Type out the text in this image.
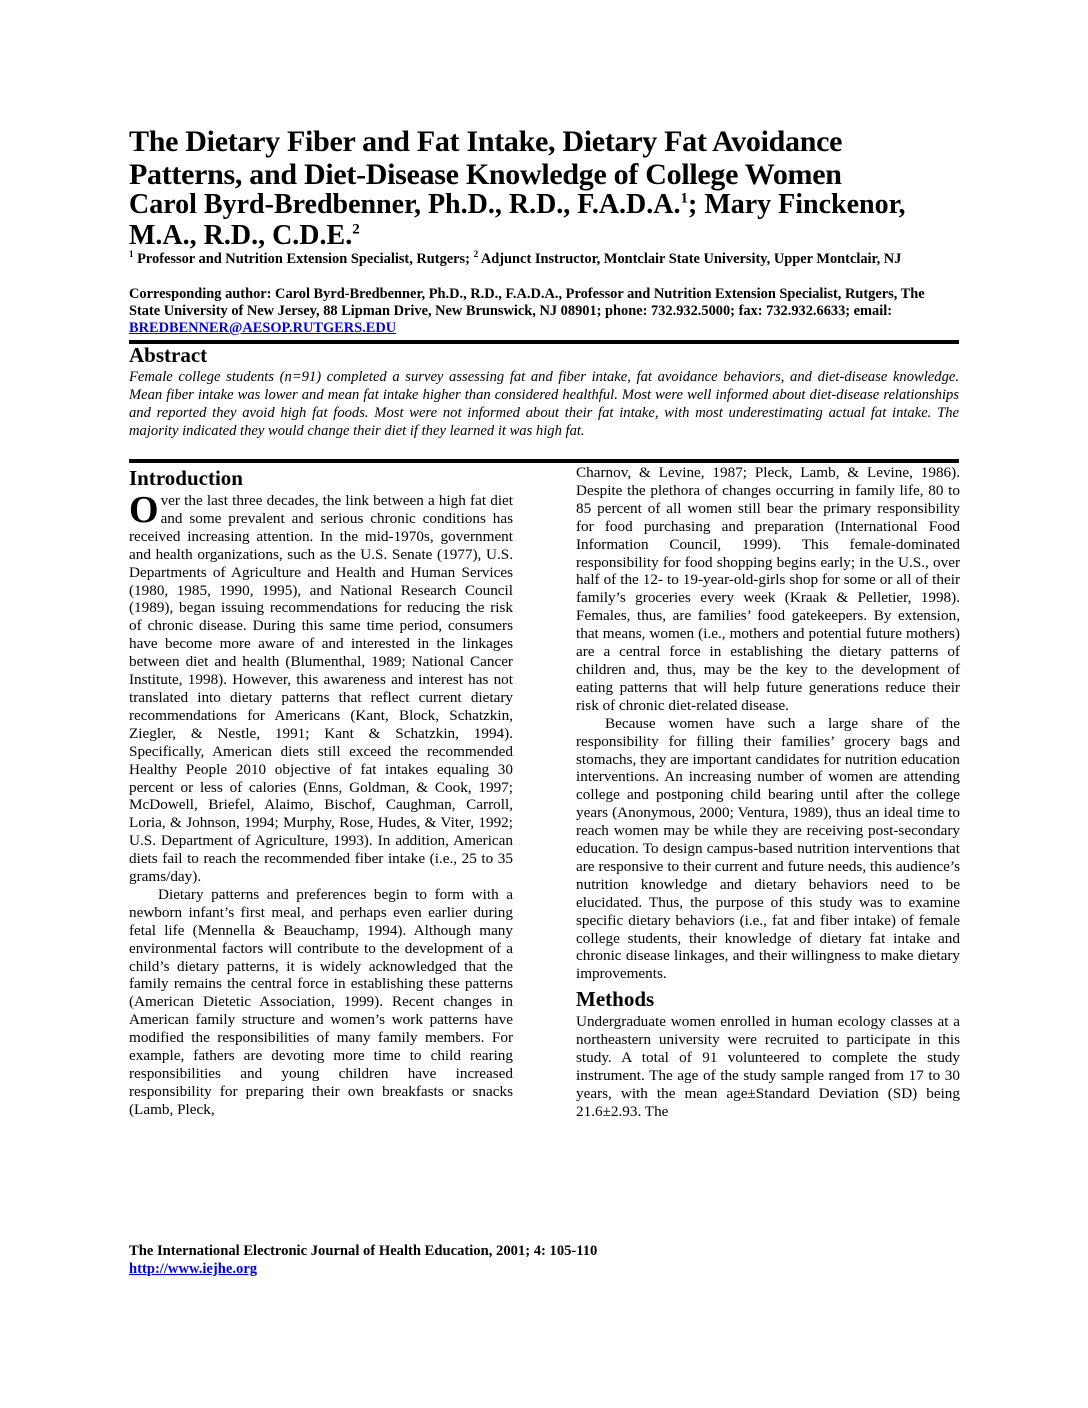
The Dietary Fiber and Fat Intake, Dietary Fat Avoidance Patterns, and Diet-Disease Knowledge of College Women
Carol Byrd-Bredbenner, Ph.D., R.D., F.A.D.A.$^1$; Mary Finckenor, M.A., R.D., C.D.E.$^2$
$^1$ Professor and Nutrition Extension Specialist, Rutgers; $^2$ Adjunct Instructor, Montclair State University, Upper Montclair, NJ
Corresponding author: Carol Byrd-Bredbenner, Ph.D., R.D., F.A.D.A., Professor and Nutrition Extension Specialist, Rutgers, The State University of New Jersey, 88 Lipman Drive, New Brunswick, NJ 08901; phone: 732.932.5000; fax: 732.932.6633; email: BREDBENNER@AESOP.RUTGERS.EDU
Abstract
Female college students (n=91) completed a survey assessing fat and fiber intake, fat avoidance behaviors, and diet-disease knowledge. Mean fiber intake was lower and mean fat intake higher than considered healthful. Most were well informed about diet-disease relationships and reported they avoid high fat foods. Most were not informed about their fat intake, with most underestimating actual fat intake. The majority indicated they would change their diet if they learned it was high fat.
Introduction

Over the last three decades, the link between a high fat diet and some prevalent and serious chronic conditions has received increasing attention. In the mid-1970s, government and health organizations, such as the U.S. Senate (1977), U.S. Departments of Agriculture and Health and Human Services (1980, 1985, 1990, 1995), and National Research Council (1989), began issuing recommendations for reducing the risk of chronic disease. During this same time period, consumers have become more aware of and interested in the linkages between diet and health (Blumenthal, 1989; National Cancer Institute, 1998). However, this awareness and interest has not translated into dietary patterns that reflect current dietary recommendations for Americans (Kant, Block, Schatzkin, Ziegler, & Nestle, 1991; Kant & Schatzkin, 1994). Specifically, American diets still exceed the recommended Healthy People 2010 objective of fat intakes equaling 30 percent or less of calories (Enns, Goldman, & Cook, 1997; McDowell, Briefel, Alaimo, Bischof, Caughman, Carroll, Loria, & Johnson, 1994; Murphy, Rose, Hudes, & Viter, 1992; U.S. Department of Agriculture, 1993). In addition, American diets fail to reach the recommended fiber intake (i.e., 25 to 35 grams/day).

Dietary patterns and preferences begin to form with a newborn infant’s first meal, and perhaps even earlier during fetal life (Mennella & Beauchamp, 1994). Although many environmental factors will contribute to the development of a child’s dietary patterns, it is widely acknowledged that the family remains the central force in establishing these patterns (American Dietetic Association, 1999). Recent changes in American family structure and women’s work patterns have modified the responsibilities of many family members. For example, fathers are devoting more time to child rearing responsibilities and young children have increased responsibility for preparing their own breakfasts or snacks (Lamb, Pleck,

Charnov, & Levine, 1987; Pleck, Lamb, & Levine, 1986). Despite the plethora of changes occurring in family life, 80 to 85 percent of all women still bear the primary responsibility for food purchasing and preparation (International Food Information Council, 1999). This female-dominated responsibility for food shopping begins early; in the U.S., over half of the 12- to 19-year-old-girls shop for some or all of their family’s groceries every week (Kraak & Pelletier, 1998). Females, thus, are families’ food gatekeepers. By extension, that means, women (i.e., mothers and potential future mothers) are a central force in establishing the dietary patterns of children and, thus, may be the key to the development of eating patterns that will help future generations reduce their risk of chronic diet-related disease.

Because women have such a large share of the responsibility for filling their families’ grocery bags and stomachs, they are important candidates for nutrition education interventions. An increasing number of women are attending college and postponing child bearing until after the college years (Anonymous, 2000; Ventura, 1989), thus an ideal time to reach women may be while they are receiving post-secondary education. To design campus-based nutrition interventions that are responsive to their current and future needs, this audience’s nutrition knowledge and dietary behaviors need to be elucidated. Thus, the purpose of this study was to examine specific dietary behaviors (i.e., fat and fiber intake) of female college students, their knowledge of dietary fat intake and chronic disease linkages, and their willingness to make dietary improvements.

Methods

Undergraduate women enrolled in human ecology classes at a northeastern university were recruited to participate in this study. A total of 91 volunteered to complete the study instrument. The age of the study sample ranged from 17 to 30 years, with the mean age±Standard Deviation (SD) being 21.6±2.93. The

The International Electronic Journal of Health Education, 2001; 4: 105-110
http://www.iejhe.org
